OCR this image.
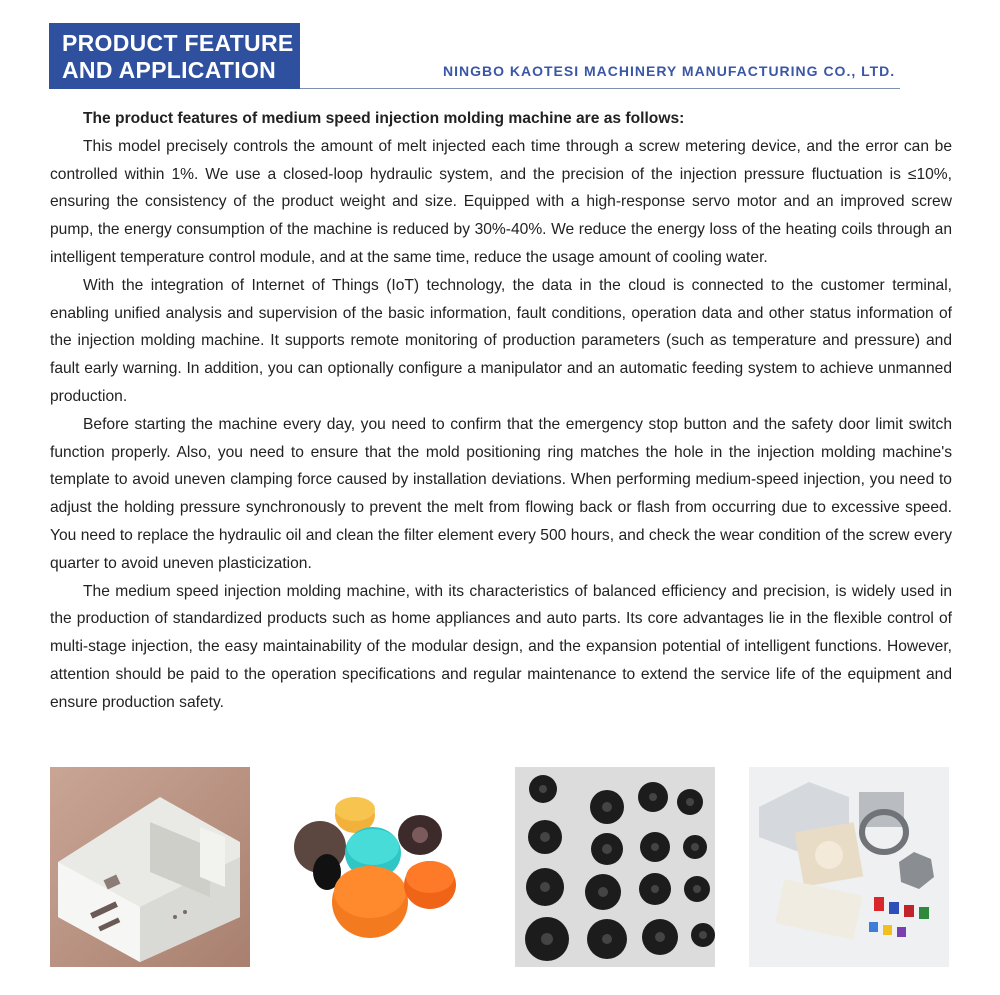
PRODUCT FEATURE
AND APPLICATION	NINGBO KAOTESI MACHINERY MANUFACTURING CO., LTD.

The product features of medium speed injection molding machine are as follows:

This model precisely controls the amount of melt injected each time through a screw metering device, and the error can be controlled within 1%. We use a closed-loop hydraulic system, and the precision of the injection pressure fluctuation is ≤10%, ensuring the consistency of the product weight and size. Equipped with a high-response servo motor and an improved screw pump, the energy consumption of the machine is reduced by 30%-40%. We reduce the energy loss of the heating coils through an intelligent temperature control module, and at the same time, reduce the usage amount of cooling water.

With the integration of Internet of Things (IoT) technology, the data in the cloud is connected to the customer terminal, enabling unified analysis and supervision of the basic information, fault conditions, operation data and other status information of the injection molding machine. It supports remote monitoring of production parameters (such as temperature and pressure) and fault early warning. In addition, you can optionally configure a manipulator and an automatic feeding system to achieve unmanned production.

Before starting the machine every day, you need to confirm that the emergency stop button and the safety door limit switch function properly. Also, you need to ensure that the mold positioning ring matches the hole in the injection molding machine's template to avoid uneven clamping force caused by installation deviations. When performing medium-speed injection, you need to adjust the holding pressure synchronously to prevent the melt from flowing back or flash from occurring due to excessive speed. You need to replace the hydraulic oil and clean the filter element every 500 hours, and check the wear condition of the screw every quarter to avoid uneven plasticization.

The medium speed injection molding machine, with its characteristics of balanced efficiency and precision, is widely used in the production of standardized products such as home appliances and auto parts. Its core advantages lie in the flexible control of multi-stage injection, the easy maintainability of the modular design, and the expansion potential of intelligent functions. However, attention should be paid to the operation specifications and regular maintenance to extend the service life of the equipment and ensure production safety.
